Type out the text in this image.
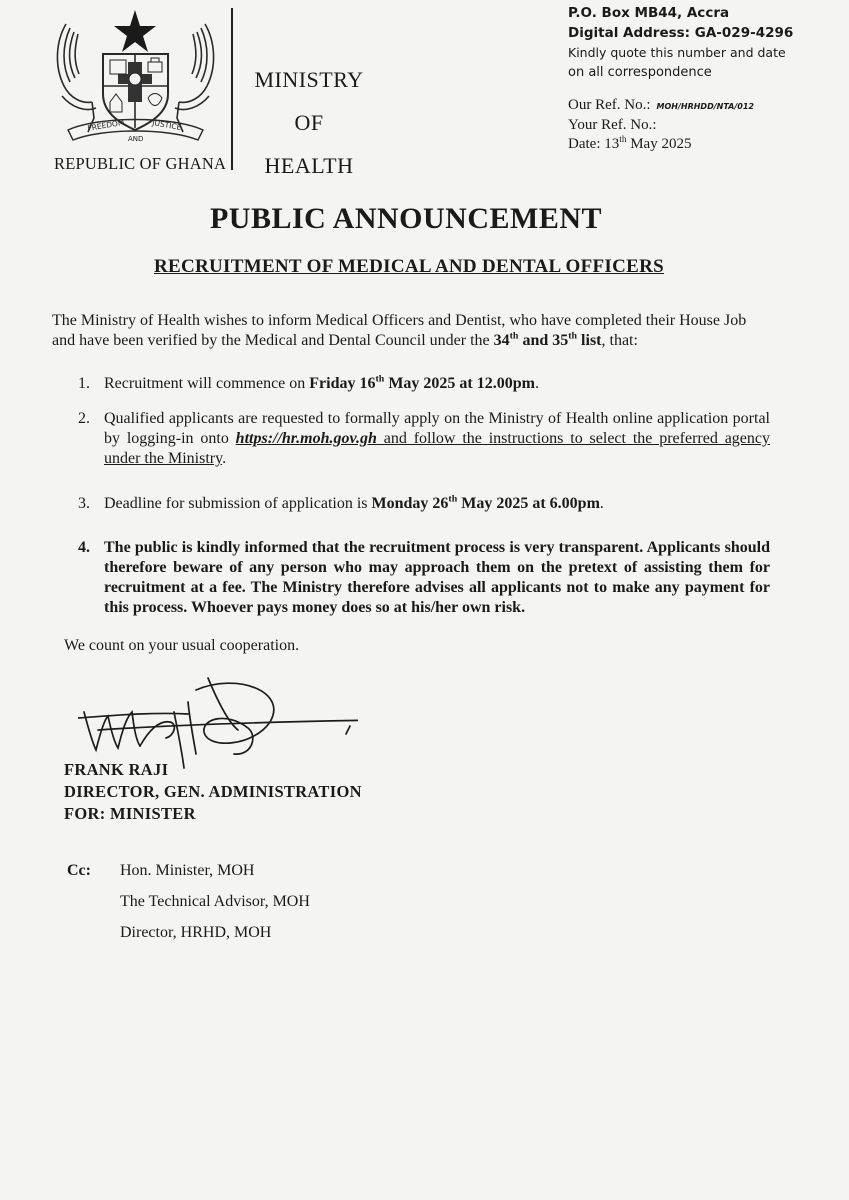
FREEDOM
AND
JUSTICE
REPUBLIC OF GHANA
MINISTRY
OF
HEALTH
P.O. Box MB44, Accra
Digital Address: GA-029-4296
Kindly quote this number and date
on all correspondence
Our Ref. No.: MOH/HRHDD/NTA/012
Your Ref. No.:
Date: 13th May 2025
PUBLIC ANNOUNCEMENT
RECRUITMENT OF MEDICAL AND DENTAL OFFICERS
The Ministry of Health wishes to inform Medical Officers and Dentist, who have completed their House Job and have been verified by the Medical and Dental Council under the 34th and 35th list, that:
1. Recruitment will commence on Friday 16th May 2025 at 12.00pm.
2. Qualified applicants are requested to formally apply on the Ministry of Health online application portal by logging-in onto https://hr.moh.gov.gh and follow the instructions to select the preferred agency under the Ministry.
3. Deadline for submission of application is Monday 26th May 2025 at 6.00pm.
4. The public is kindly informed that the recruitment process is very transparent. Applicants should therefore beware of any person who may approach them on the pretext of assisting them for recruitment at a fee. The Ministry therefore advises all applicants not to make any payment for this process. Whoever pays money does so at his/her own risk.
We count on your usual cooperation.
FRANK RAJI
DIRECTOR, GEN. ADMINISTRATION
FOR: MINISTER
Cc: Hon. Minister, MOH
The Technical Advisor, MOH
Director, HRHD, MOH
